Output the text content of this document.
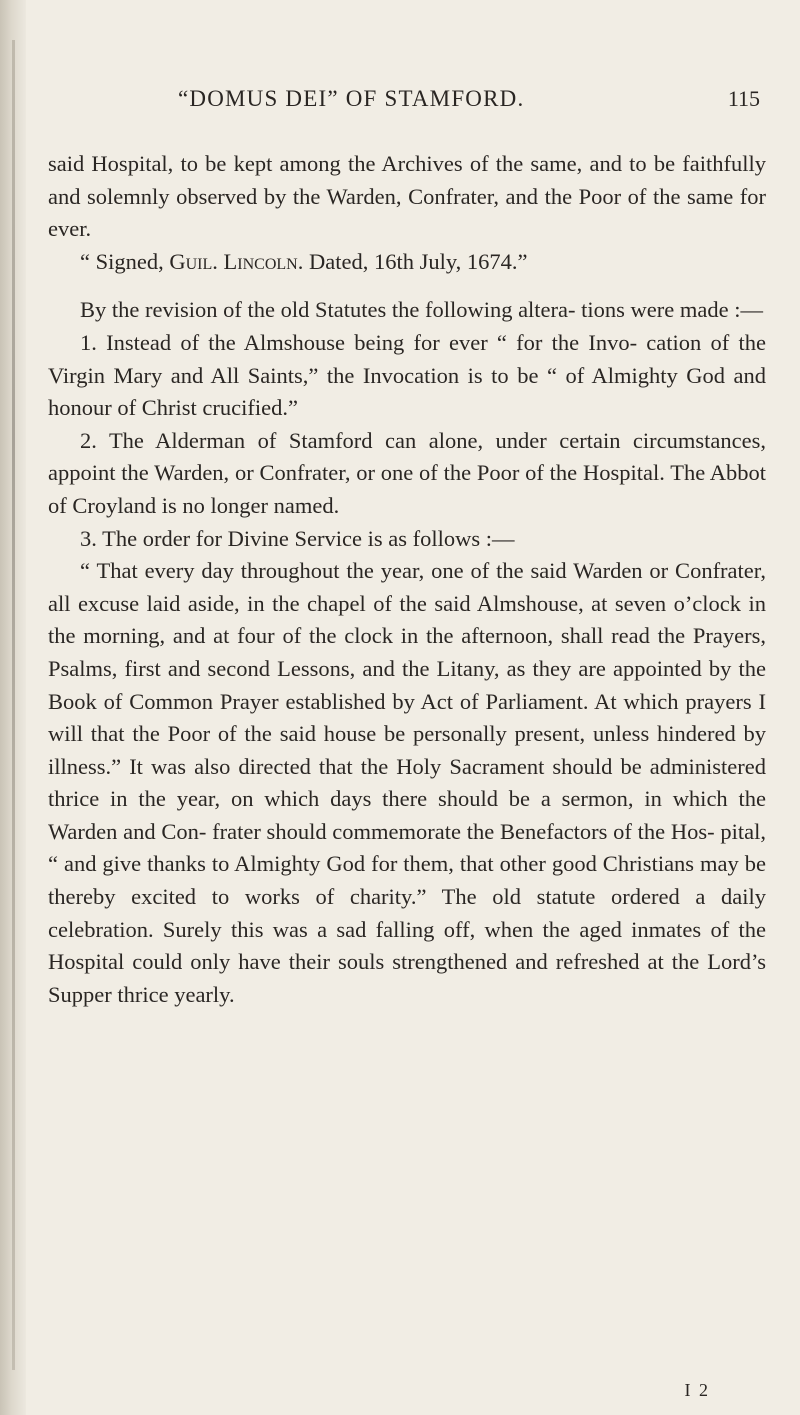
“DOMUS DEI” OF STAMFORD.	115

said Hospital, to be kept among the Archives of the same, and to be faithfully and solemnly observed by the Warden, Confrater, and the Poor of the same for ever.

“ Signed, Guil. Lincoln. Dated, 16th July, 1674.”

By the revision of the old Statutes the following altera- tions were made :—

1. Instead of the Almshouse being for ever “ for the Invo- cation of the Virgin Mary and All Saints,” the Invocation is to be “ of Almighty God and honour of Christ crucified.”

2. The Alderman of Stamford can alone, under certain circumstances, appoint the Warden, or Confrater, or one of the Poor of the Hospital. The Abbot of Croyland is no longer named.

3. The order for Divine Service is as follows :—

“ That every day throughout the year, one of the said Warden or Confrater, all excuse laid aside, in the chapel of the said Almshouse, at seven o’clock in the morning, and at four of the clock in the afternoon, shall read the Prayers, Psalms, first and second Lessons, and the Litany, as they are appointed by the Book of Common Prayer established by Act of Parliament. At which prayers I will that the Poor of the said house be personally present, unless hindered by illness.” It was also directed that the Holy Sacrament should be administered thrice in the year, on which days there should be a sermon, in which the Warden and Con- frater should commemorate the Benefactors of the Hos- pital, “ and give thanks to Almighty God for them, that other good Christians may be thereby excited to works of charity.” The old statute ordered a daily celebration. Surely this was a sad falling off, when the aged inmates of the Hospital could only have their souls strengthened and refreshed at the Lord’s Supper thrice yearly.

I 2
